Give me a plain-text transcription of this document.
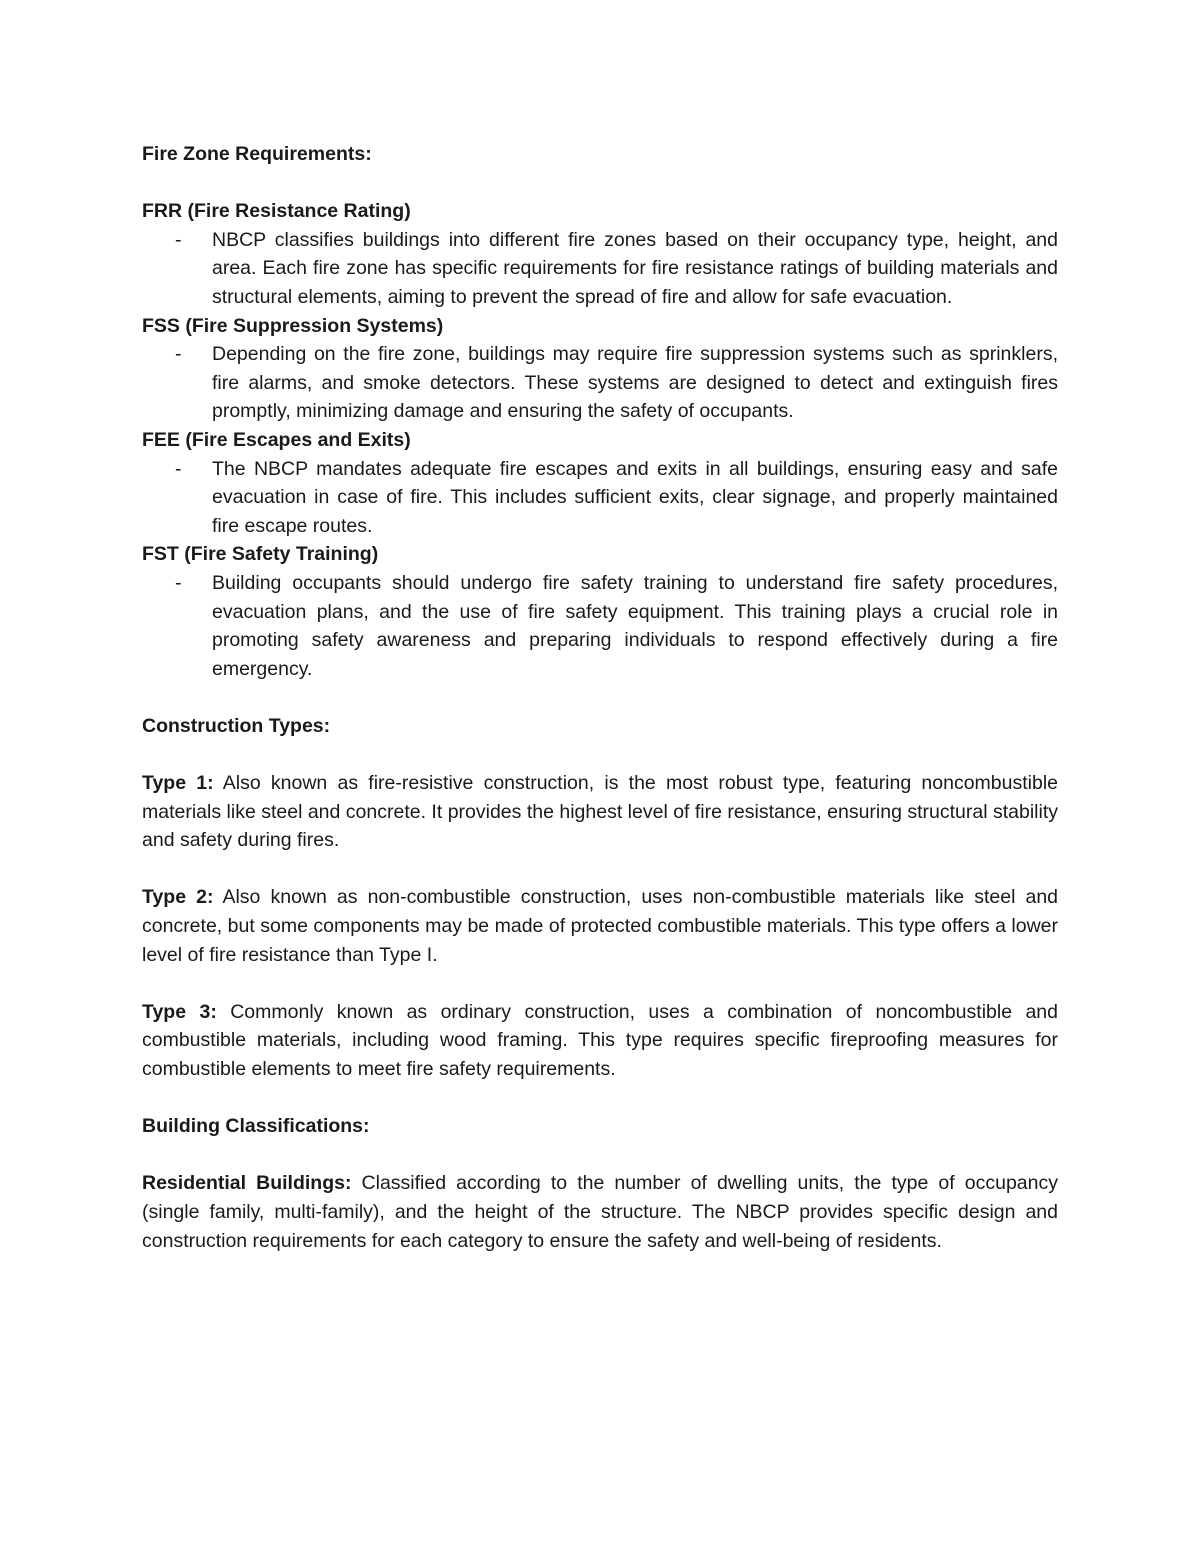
Fire Zone Requirements:

FRR (Fire Resistance Rating)

- NBCP classifies buildings into different fire zones based on their occupancy type, height, and area. Each fire zone has specific requirements for fire resistance ratings of building materials and structural elements, aiming to prevent the spread of fire and allow for safe evacuation.

FSS (Fire Suppression Systems)

- Depending on the fire zone, buildings may require fire suppression systems such as sprinklers, fire alarms, and smoke detectors. These systems are designed to detect and extinguish fires promptly, minimizing damage and ensuring the safety of occupants.

FEE (Fire Escapes and Exits)

- The NBCP mandates adequate fire escapes and exits in all buildings, ensuring easy and safe evacuation in case of fire. This includes sufficient exits, clear signage, and properly maintained fire escape routes.

FST (Fire Safety Training)

- Building occupants should undergo fire safety training to understand fire safety procedures, evacuation plans, and the use of fire safety equipment. This training plays a crucial role in promoting safety awareness and preparing individuals to respond effectively during a fire emergency.

Construction Types:

Type 1: Also known as fire-resistive construction, is the most robust type, featuring noncombustible materials like steel and concrete. It provides the highest level of fire resistance, ensuring structural stability and safety during fires.

Type 2: Also known as non-combustible construction, uses non-combustible materials like steel and concrete, but some components may be made of protected combustible materials. This type offers a lower level of fire resistance than Type I.

Type 3: Commonly known as ordinary construction, uses a combination of noncombustible and combustible materials, including wood framing. This type requires specific fireproofing measures for combustible elements to meet fire safety requirements.

Building Classifications:

Residential Buildings: Classified according to the number of dwelling units, the type of occupancy (single family, multi-family), and the height of the structure. The NBCP provides specific design and construction requirements for each category to ensure the safety and well-being of residents.
